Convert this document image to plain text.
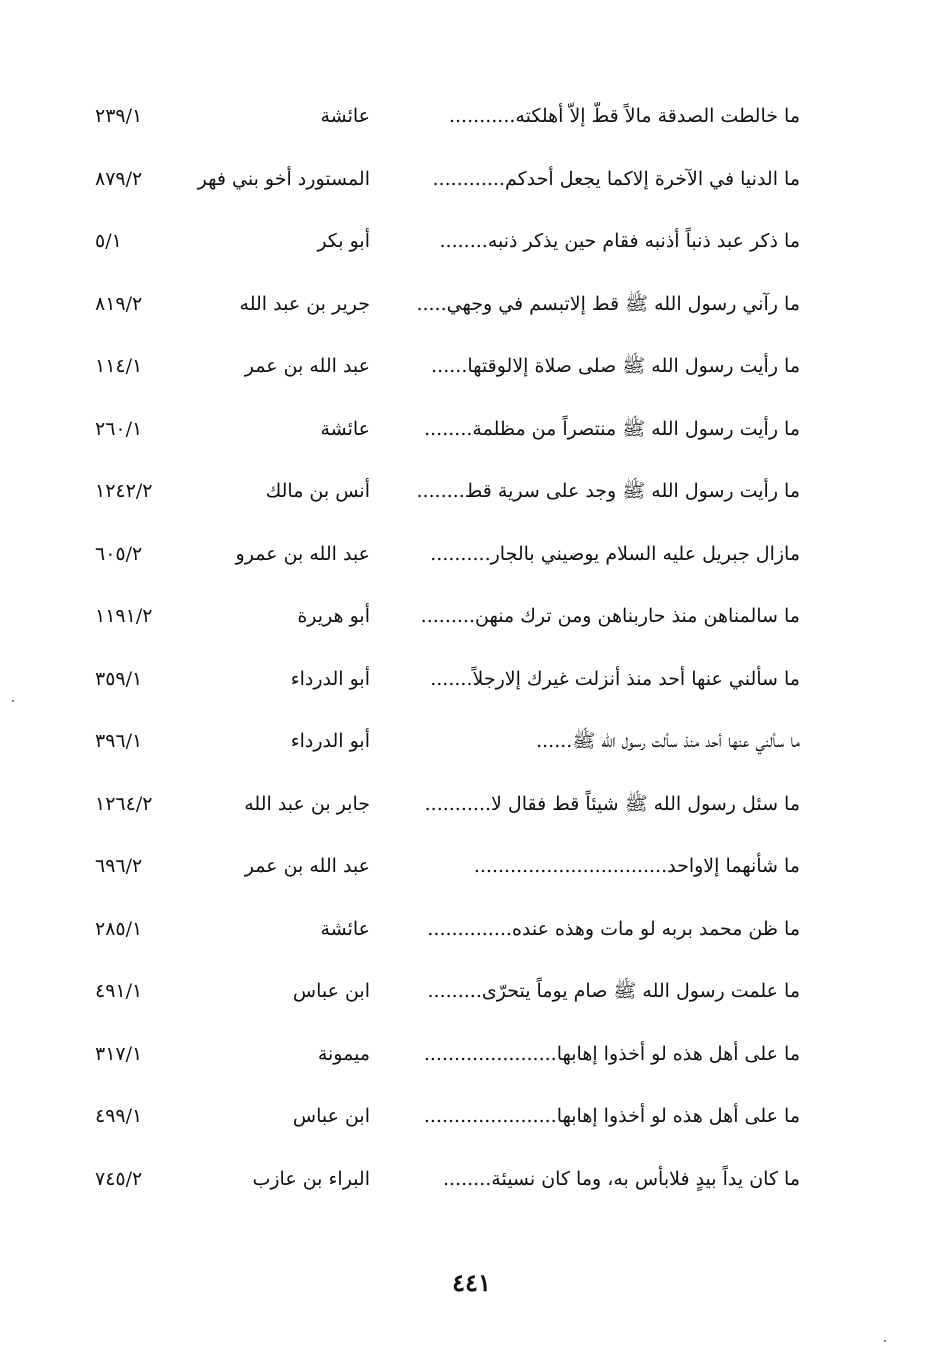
ما خالطت الصدقة مالاً قطّ إلاّ أهلكته...........
عائشة
٢٣٩/١
ما الدنيا في الآخرة إلاكما يجعل أحدكم............
المستورد أخو بني فهر
٨٧٩/٢
ما ذكر عبد ذنباً أذنبه فقام حين يذكر ذنبه........
أبو بكر
٥/١
ما رآني رسول الله ﷺ قط إلاتبسم في وجهي.....
جرير بن عبد الله
٨١٩/٢
ما رأيت رسول الله ﷺ صلى صلاة إلالوقتها......
عبد الله بن عمر
١١٤/١
ما رأيت رسول الله ﷺ منتصراً من مظلمة........
عائشة
٢٦٠/١
ما رأيت رسول الله ﷺ وجد على سرية قط........
أنس بن مالك
١٢٤٢/٢
مازال جبريل عليه السلام يوصيني بالجار..........
عبد الله بن عمرو
٦٠٥/٢
ما سالمناهن منذ حاربناهن ومن ترك منهن.........
أبو هريرة
١١٩١/٢
ما سألني عنها أحد منذ أنزلت غيرك إلارجلاً.......
أبو الدرداء
٣٥٩/١
ما سألني عنها أحد منذ سألت رسول الله ﷺ......
أبو الدرداء
٣٩٦/١
ما سئل رسول الله ﷺ شيئاً قط فقال لا...........
جابر بن عبد الله
١٢٦٤/٢
ما شأنهما إلاواحد................................
عبد الله بن عمر
٦٩٦/٢
ما ظن محمد بربه لو مات وهذه عنده..............
عائشة
٢٨٥/١
ما علمت رسول الله ﷺ صام يوماً يتحرّى.........
ابن عباس
٤٩١/١
ما على أهل هذه لو أخذوا إهابها......................
ميمونة
٣١٧/١
ما على أهل هذه لو أخذوا إهابها......................
ابن عباس
٤٩٩/١
ما كان يداً بيدٍ فلابأس به، وما كان نسيئة........
البراء بن عازب
٧٤٥/٢
٤٤١
